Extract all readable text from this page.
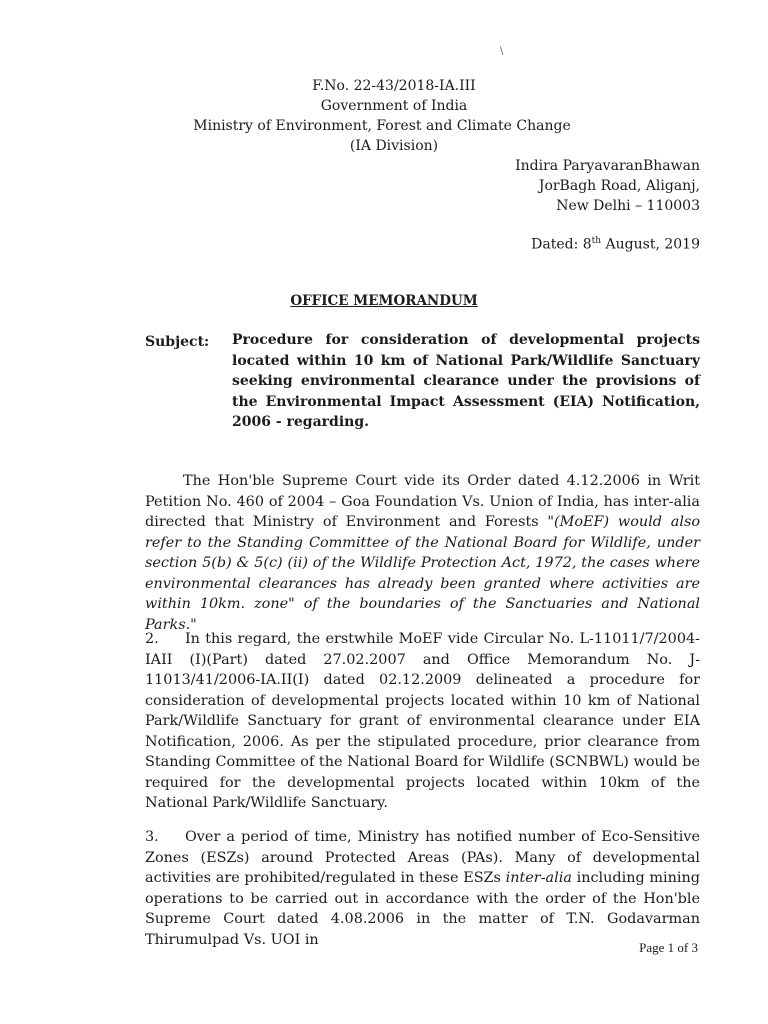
\
F.No. 22-43/2018-IA.III
Government of India
Ministry of Environment, Forest and Climate Change
(IA Division)
Indira ParyavaranBhawan
JorBagh Road, Aliganj,
New Delhi – 110003
Dated: 8th August, 2019
OFFICE MEMORANDUM
Subject: Procedure for consideration of developmental projects located within 10 km of National Park/Wildlife Sanctuary seeking environmental clearance under the provisions of the Environmental Impact Assessment (EIA) Notification, 2006 - regarding.
The Hon'ble Supreme Court vide its Order dated 4.12.2006 in Writ Petition No. 460 of 2004 – Goa Foundation Vs. Union of India, has inter-alia directed that Ministry of Environment and Forests "(MoEF) would also refer to the Standing Committee of the National Board for Wildlife, under section 5(b) & 5(c) (ii) of the Wildlife Protection Act, 1972, the cases where environmental clearances has already been granted where activities are within 10km. zone" of the boundaries of the Sanctuaries and National Parks."
2. In this regard, the erstwhile MoEF vide Circular No. L-11011/7/2004-IAII (I)(Part) dated 27.02.2007 and Office Memorandum No. J-11013/41/2006-IA.II(I) dated 02.12.2009 delineated a procedure for consideration of developmental projects located within 10 km of National Park/Wildlife Sanctuary for grant of environmental clearance under EIA Notification, 2006. As per the stipulated procedure, prior clearance from Standing Committee of the National Board for Wildlife (SCNBWL) would be required for the developmental projects located within 10km of the National Park/Wildlife Sanctuary.
3. Over a period of time, Ministry has notified number of Eco-Sensitive Zones (ESZs) around Protected Areas (PAs). Many of developmental activities are prohibited/regulated in these ESZs inter-alia including mining operations to be carried out in accordance with the order of the Hon'ble Supreme Court dated 4.08.2006 in the matter of T.N. Godavarman Thirumulpad Vs. UOI in	Page 1 of 3
